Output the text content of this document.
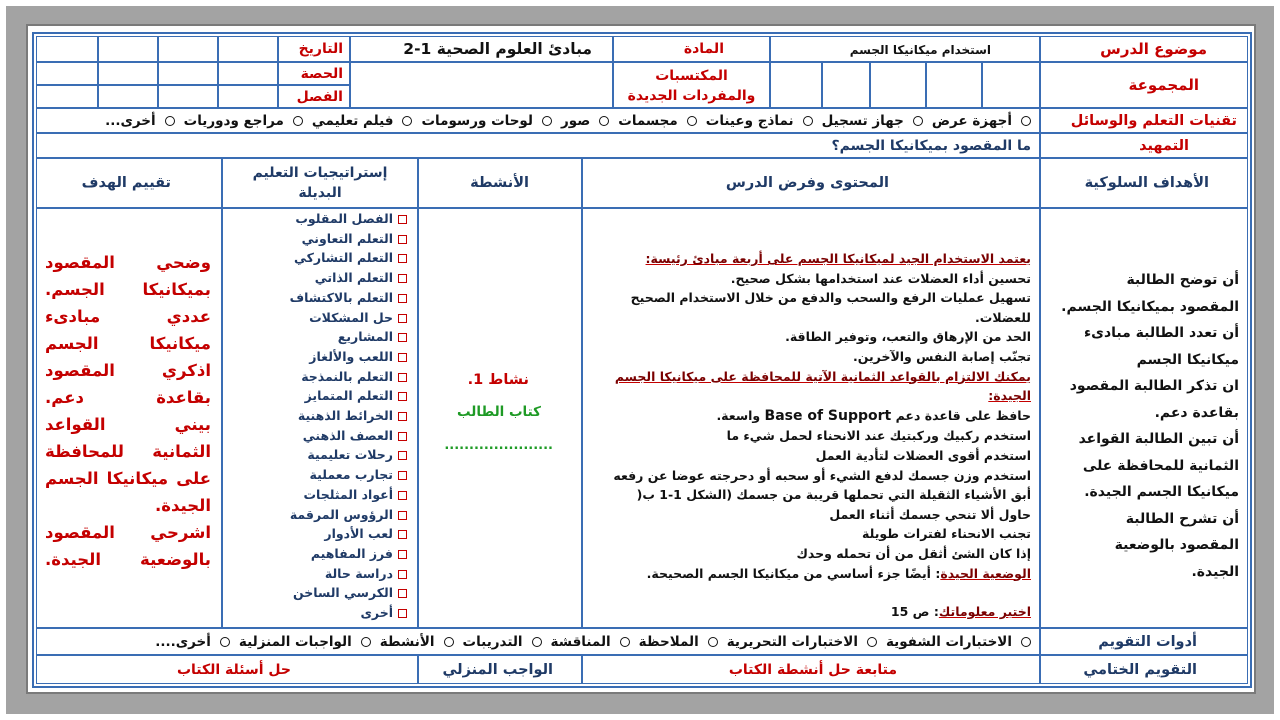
موضوع الدرس
استخدام ميكانيكا الجسم
المادة
مبادئ العلوم الصحية 1-2
التاريخ
المجموعة
المكتسبات والمفردات الجديدة
الحصة
الفصل
تقنيات التعلم والوسائل
أجهزة عرضجهاز تسجيلنماذج وعيناتمجسماتصورلوحات ورسوماتفيلم تعليميمراجع ودورياتأخرى...
التمهيد
ما المقصود بميكانيكا الجسم؟
الأهداف السلوكية
المحتوى وفرض الدرس
الأنشطة
إستراتيجيات التعليم البديلة
تقييم الهدف
أن توضح الطالبة
المقصود بميكانيكا الجسم.
أن تعدد الطالبة مبادىء
ميكانيكا الجسم
ان تذكر الطالبة المقصود
بقاعدة دعم.
أن تبين الطالبة القواعد
الثمانية للمحافظة على
ميكانيكا الجسم الجيدة.
أن تشرح الطالبة
المقصود بالوضعية
الجيدة.
يعتمد الاستخدام الجيد لميكانيكا الجسم على أربعة مبادئ رئيسة:
تحسين أداء العضلات عند استخدامها بشكل صحيح.
تسهيل عمليات الرفع والسحب والدفع من خلال الاستخدام الصحيح للعضلات.
الحد من الإرهاق والتعب، وتوفير الطاقة.
تجنّب إصابة النفس والآخرين.
يمكنك الالتزام بالقواعد الثمانية الآتية للمحافظة على ميكانيكا الجسم الجيدة:
حافظ على قاعدة دعم Base of Support واسعة.
استخدم ركبيك وركبتيك عند الانحناء لحمل شيء ما
استخدم أقوى العضلات لتأدية العمل
استخدم وزن جسمك لدفع الشيء أو سحبه أو دحرجته عوضا عن رفعه
أبق الأشياء الثقيلة التي تحملها قريبة من جسمك (الشكل 1-1 ب(
حاول ألا تنحي جسمك أثناء العمل
تجنب الانحناء لفترات طويلة
إذا كان الشئ أثقل من أن تحمله وحدك
الوضعية الجيدة: أيضًا جزء أساسي من ميكانيكا الجسم الصحيحة.
اختبر معلوماتك: ص 15
نشاط 1.
كتاب الطالب
......................
الفصل المقلوب
التعلم التعاوني
التعلم التشاركي
التعلم الذاتي
التعلم بالاكتشاف
حل المشكلات
المشاريع
اللعب والألغاز
التعلم بالنمذجة
التعلم المتمايز
الخرائط الذهنية
العصف الذهني
رحلات تعليمية
تجارب معملية
أعواد المثلجات
الرؤوس المرقمة
لعب الأدوار
فرز المفاهيم
دراسة حالة
الكرسي الساخن
أخرى
وضحي المقصود
بميكانيكا الجسم.
عددي مبادىء
ميكانيكا الجسم
اذكري المقصود
بقاعدة دعم.
بيني القواعد
الثمانية للمحافظة
على ميكانيكا الجسم
الجيدة.
اشرحي المقصود
بالوضعية الجيدة.
أدوات التقويم
الاختبارات الشفويةالاختبارات التحريريةالملاحظةالمناقشةالتدريباتالأنشطةالواجبات المنزليةأخرى....
التقويم الختامي
متابعة حل أنشطة الكتاب
الواجب المنزلي
حل أسئلة الكتاب
